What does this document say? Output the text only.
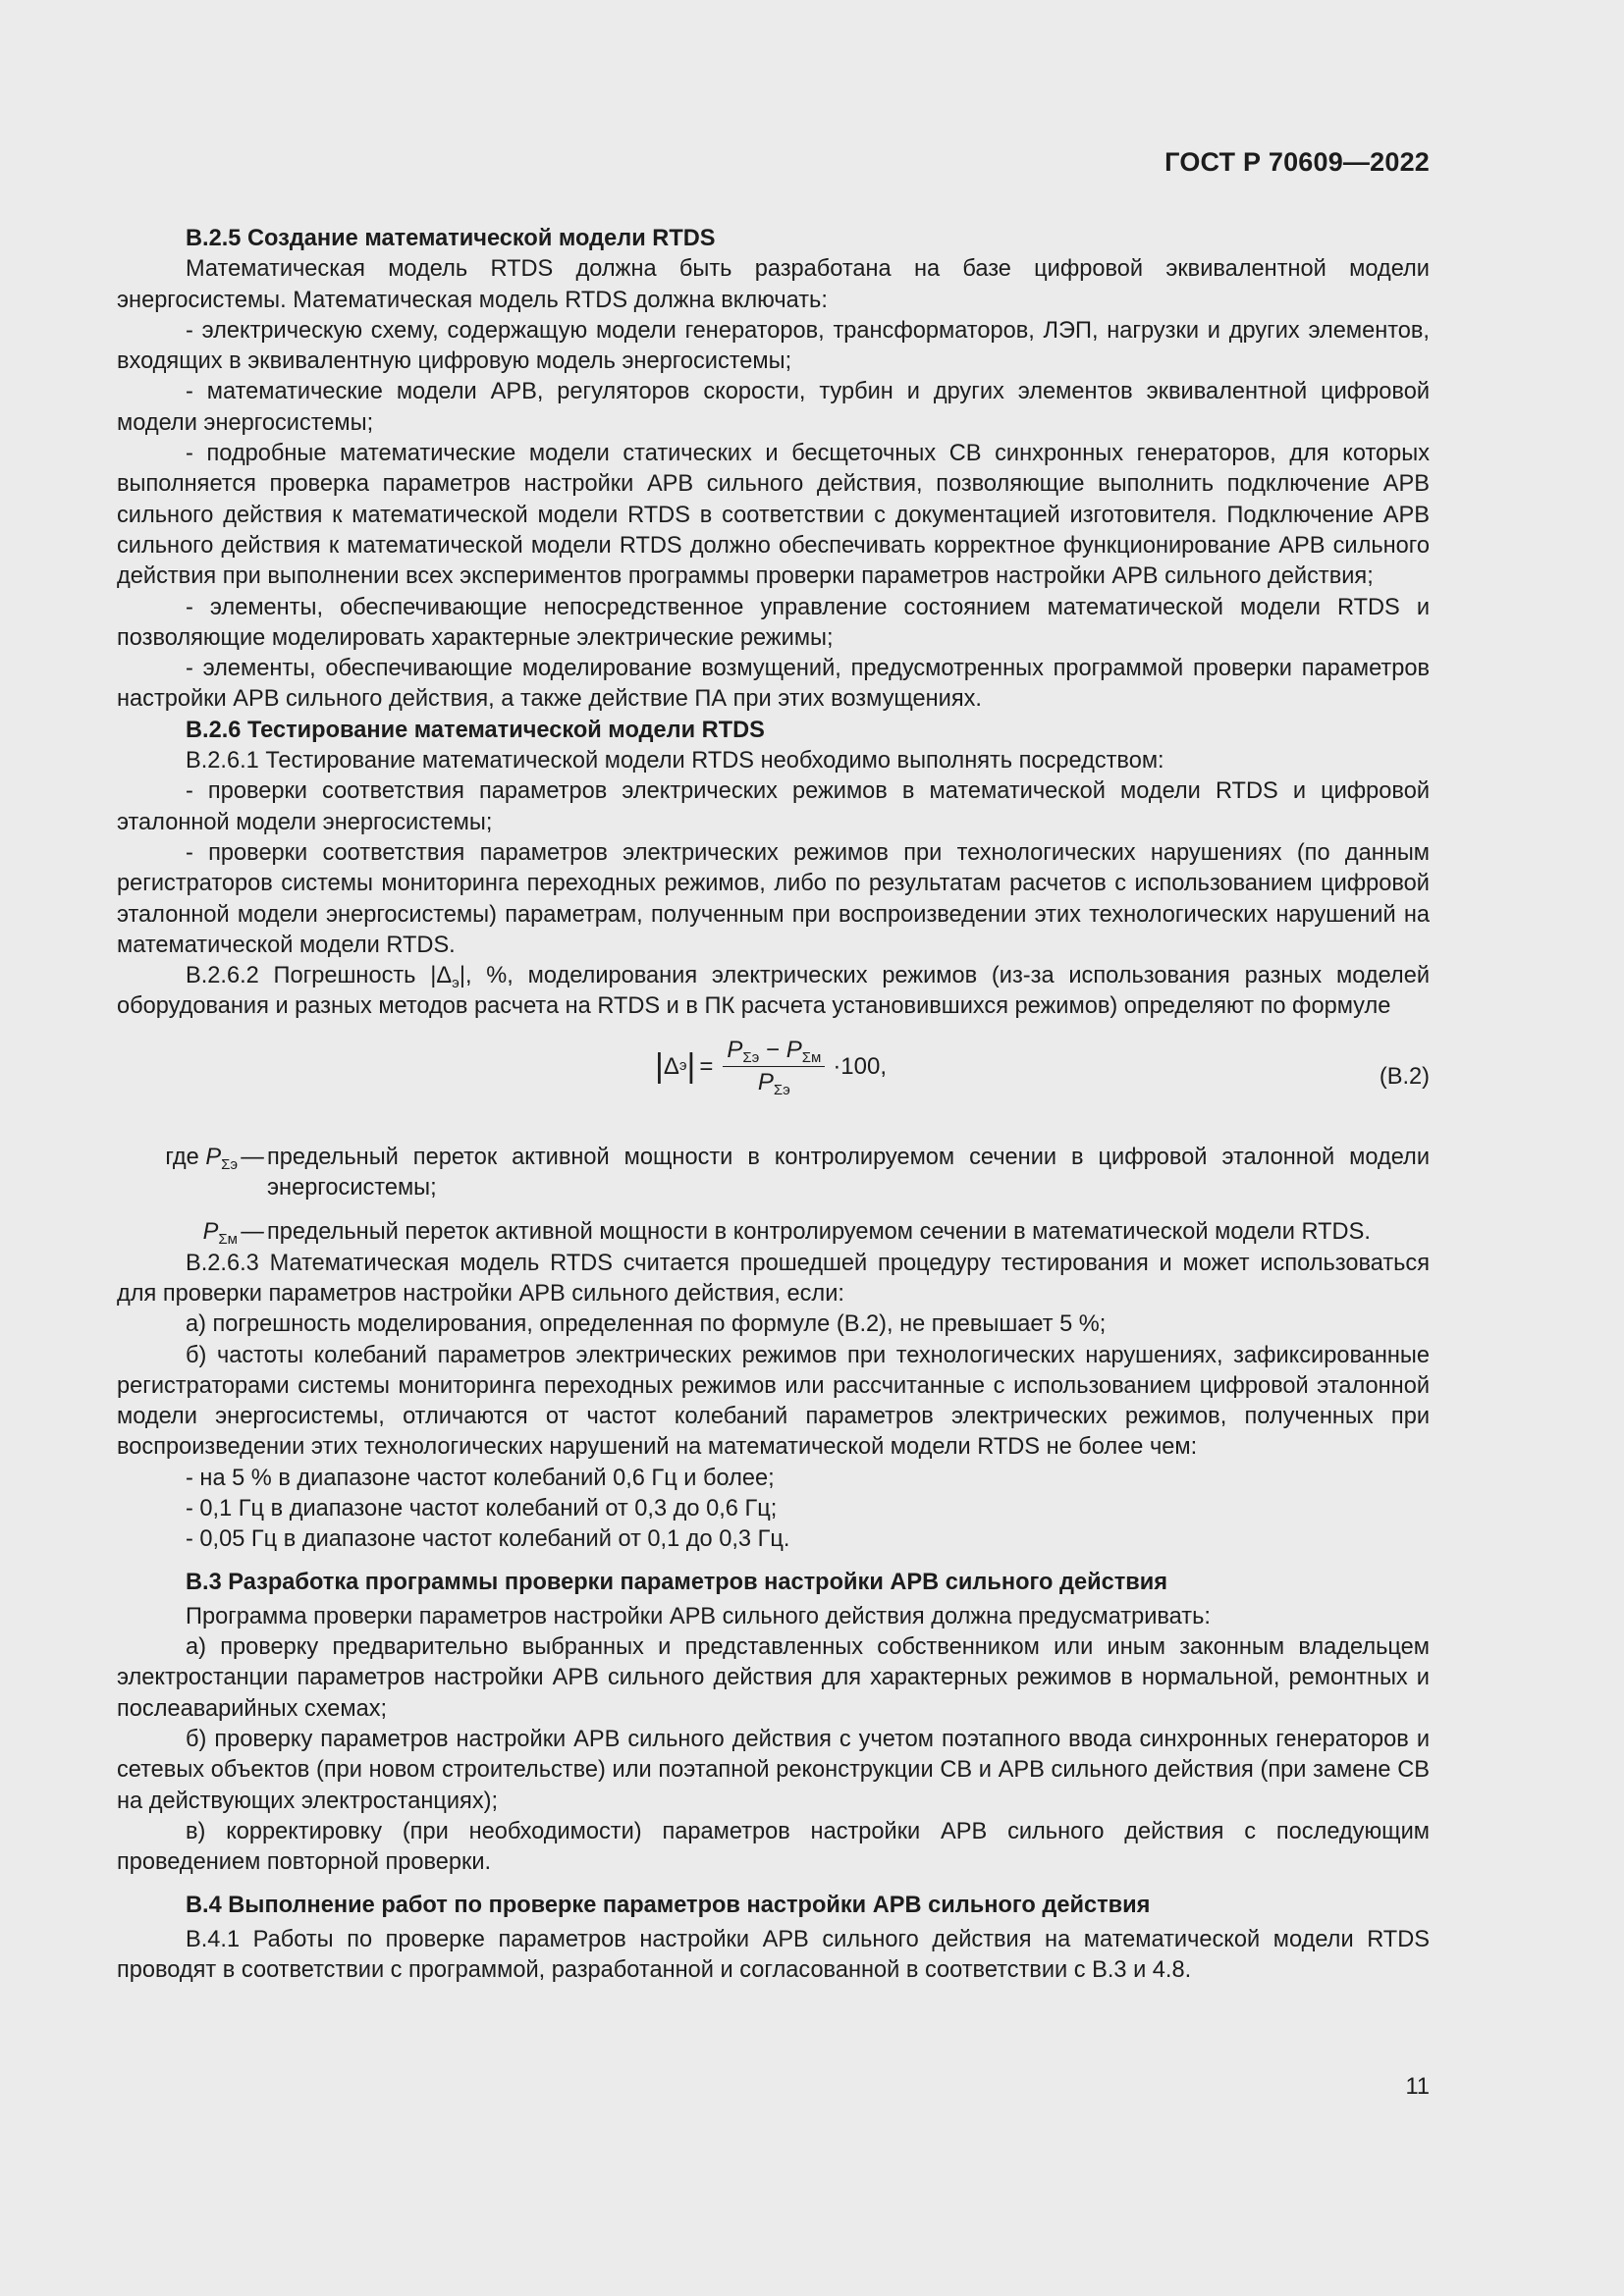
ГОСТ Р 70609—2022

В.2.5 Создание математической модели RTDS

Математическая модель RTDS должна быть разработана на базе цифровой эквивалентной модели энергосистемы. Математическая модель RTDS должна включать:

- электрическую схему, содержащую модели генераторов, трансформаторов, ЛЭП, нагрузки и других элементов, входящих в эквивалентную цифровую модель энергосистемы;

- математические модели АРВ, регуляторов скорости, турбин и других элементов эквивалентной цифровой модели энергосистемы;

- подробные математические модели статических и бесщеточных СВ синхронных генераторов, для которых выполняется проверка параметров настройки АРВ сильного действия, позволяющие выполнить подключение АРВ сильного действия к математической модели RTDS в соответствии с документацией изготовителя. Подключение АРВ сильного действия к математической модели RTDS должно обеспечивать корректное функционирование АРВ сильного действия при выполнении всех экспериментов программы проверки параметров настройки АРВ сильного действия;

- элементы, обеспечивающие непосредственное управление состоянием математической модели RTDS и позволяющие моделировать характерные электрические режимы;

- элементы, обеспечивающие моделирование возмущений, предусмотренных программой проверки параметров настройки АРВ сильного действия, а также действие ПА при этих возмущениях.

В.2.6 Тестирование математической модели RTDS

В.2.6.1 Тестирование математической модели RTDS необходимо выполнять посредством:

- проверки соответствия параметров электрических режимов в математической модели RTDS и цифровой эталонной модели энергосистемы;

- проверки соответствия параметров электрических режимов при технологических нарушениях (по данным регистраторов системы мониторинга переходных режимов, либо по результатам расчетов с использованием цифровой эталонной модели энергосистемы) параметрам, полученным при воспроизведении этих технологических нарушений на математической модели RTDS.

В.2.6.2 Погрешность $|\Delta_э|$, %, моделирования электрических режимов (из-за использования разных моделей оборудования и разных методов расчета на RTDS и в ПК расчета установившихся режимов) определяют по формуле

| Δ э | = $\frac{P_{\Sigma э} - P_{\Sigma м}}{P_{\Sigma э}} \cdot 100$,	(В.2)
где $P_{\Sigma э}$ — предельный переток активной мощности в контролируемом сечении в цифровой эталонной модели энергосистемы;
$P_{\Sigma м}$ — предельный переток активной мощности в контролируемом сечении в математической модели RTDS.

В.2.6.3 Математическая модель RTDS считается прошедшей процедуру тестирования и может использоваться для проверки параметров настройки АРВ сильного действия, если:

а) погрешность моделирования, определенная по формуле (В.2), не превышает 5 %;

б) частоты колебаний параметров электрических режимов при технологических нарушениях, зафиксированные регистраторами системы мониторинга переходных режимов или рассчитанные с использованием цифровой эталонной модели энергосистемы, отличаются от частот колебаний параметров электрических режимов, полученных при воспроизведении этих технологических нарушений на математической модели RTDS не более чем:

- на 5 % в диапазоне частот колебаний 0,6 Гц и более;

- 0,1 Гц в диапазоне частот колебаний от 0,3 до 0,6 Гц;

- 0,05 Гц в диапазоне частот колебаний от 0,1 до 0,3 Гц.

В.3 Разработка программы проверки параметров настройки АРВ сильного действия

Программа проверки параметров настройки АРВ сильного действия должна предусматривать:

а) проверку предварительно выбранных и представленных собственником или иным законным владельцем электростанции параметров настройки АРВ сильного действия для характерных режимов в нормальной, ремонтных и послеаварийных схемах;

б) проверку параметров настройки АРВ сильного действия с учетом поэтапного ввода синхронных генераторов и сетевых объектов (при новом строительстве) или поэтапной реконструкции СВ и АРВ сильного действия (при замене СВ на действующих электростанциях);

в) корректировку (при необходимости) параметров настройки АРВ сильного действия с последующим проведением повторной проверки.

В.4 Выполнение работ по проверке параметров настройки АРВ сильного действия

В.4.1 Работы по проверке параметров настройки АРВ сильного действия на математической модели RTDS проводят в соответствии с программой, разработанной и согласованной в соответствии с В.3 и 4.8.

11
